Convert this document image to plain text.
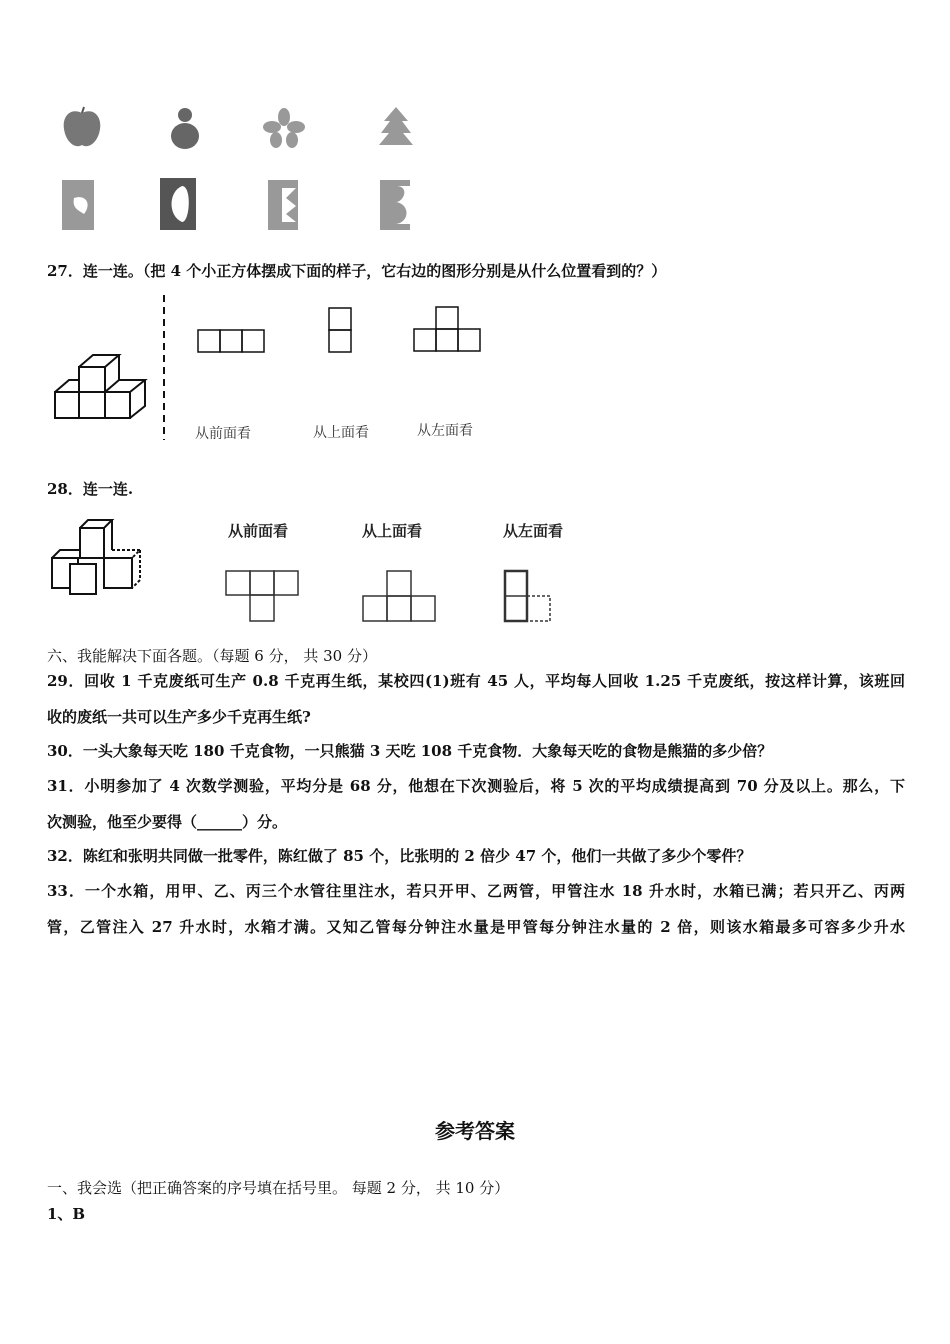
27．连一连。（把 4 个小正方体摆成下面的样子，它右边的图形分别是从什么位置看到的？）
从前面看	从上面看	从左面看
28．连一连.
从前面看	从上面看	从左面看
六、我能解决下面各题。（每题 6 分， 共 30 分）
29．回收 1 千克废纸可生产 0.8 千克再生纸，某校四(1)班有 45 人，平均每人回收 1.25 千克废纸，按这样计算，该班回
收的废纸一共可以生产多少千克再生纸?
30．一头大象每天吃 180 千克食物，一只熊猫 3 天吃 108 千克食物．大象每天吃的食物是熊猫的多少倍？
31．小明参加了 4 次数学测验，平均分是 68 分，他想在下次测验后，将 5 次的平均成绩提高到 70 分及以上。那么，下
次测验，他至少要得（______）分。
32．陈红和张明共同做一批零件，陈红做了 85 个，比张明的 2 倍少 47 个，他们一共做了多少个零件？
33．一个水箱，用甲、乙、丙三个水管往里注水，若只开甲、乙两管，甲管注水 18 升水时，水箱已满；若只开乙、丙两
管，乙管注入 27 升水时，水箱才满。又知乙管每分钟注水量是甲管每分钟注水量的 2 倍，则该水箱最多可容多少升水
参考答案
一、我会选（把正确答案的序号填在括号里。 每题 2 分， 共 10 分）
1、B
